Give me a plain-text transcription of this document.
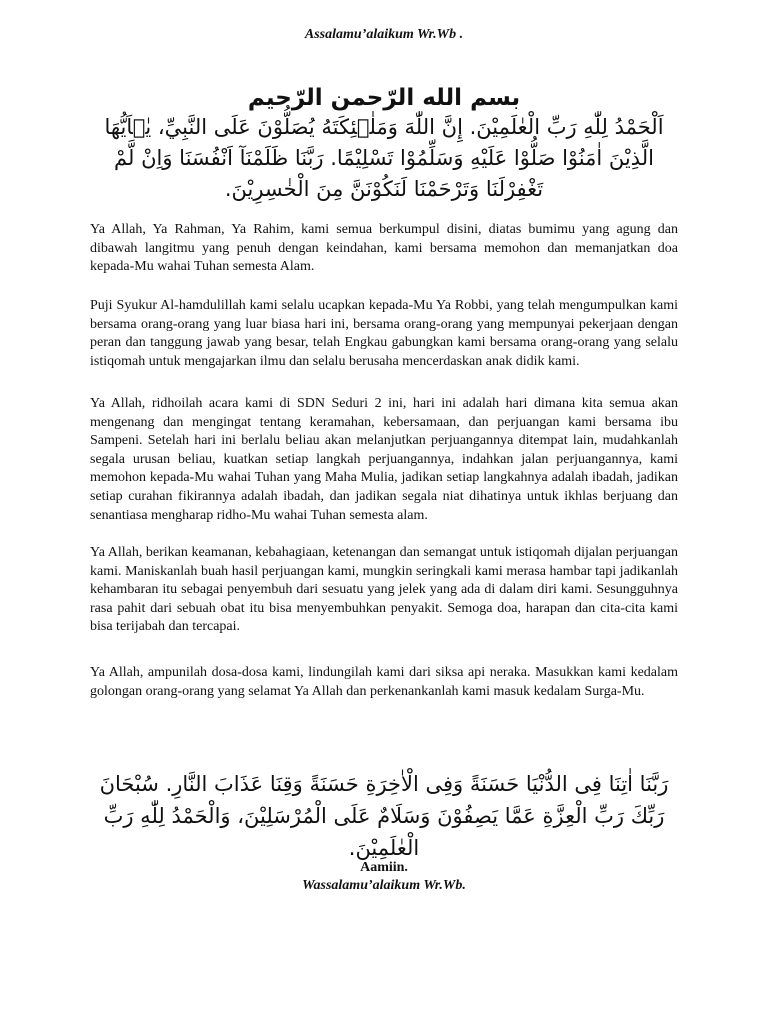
Assalamu’alaikum Wr.Wb .
بسم الله الرّحمن الرّحيم
اَلْحَمْدُ لِلّٰهِ رَبِّ الْعٰلَمِيْنَ. إِنَّ اللّٰهَ وَمَلٰۤئِكَتَهُ يُصَلُّوْنَ عَلَى النَّبِيِّ، يٰۤاَيُّهَا الَّذِيْنَ اٰمَنُوْا صَلُّوْا عَلَيْهِ وَسَلِّمُوْا تَسْلِيْمًا. رَبَّنَا ظَلَمْنَآ اَنْفُسَنَا وَاِنْ لَّمْ تَغْفِرْلَنَا وَتَرْحَمْنَا لَنَكُوْنَنَّ مِنَ الْخٰسِرِيْنَ.

Ya Allah, Ya Rahman, Ya Rahim, kami semua berkumpul disini, diatas bumimu yang agung dan dibawah langitmu yang penuh dengan keindahan, kami bersama memohon dan memanjatkan doa kepada-Mu wahai Tuhan semesta Alam.

Puji Syukur Al-hamdulillah kami selalu ucapkan kepada-Mu Ya Robbi, yang telah mengumpulkan kami bersama orang-orang yang luar biasa hari ini, bersama orang-orang yang mempunyai pekerjaan dengan peran dan tanggung jawab yang besar, telah Engkau gabungkan kami bersama orang-orang yang selalu istiqomah untuk mengajarkan ilmu dan selalu berusaha mencerdaskan anak didik kami.

Ya Allah, ridhoilah acara kami di SDN Seduri 2 ini, hari ini adalah hari dimana kita semua akan mengenang dan mengingat tentang keramahan, kebersamaan, dan perjuangan kami bersama ibu Sampeni. Setelah hari ini berlalu beliau akan melanjutkan perjuangannya ditempat lain, mudahkanlah segala urusan beliau, kuatkan setiap langkah perjuangannya, indahkan jalan perjuangannya, kami memohon kepada-Mu wahai Tuhan yang Maha Mulia, jadikan setiap langkahnya adalah ibadah, jadikan setiap curahan fikirannya adalah ibadah, dan jadikan segala niat dihatinya untuk ikhlas berjuang dan senantiasa mengharap ridho-Mu wahai Tuhan semesta alam.

Ya Allah, berikan keamanan, kebahagiaan, ketenangan dan semangat untuk istiqomah dijalan perjuangan kami. Maniskanlah buah hasil perjuangan kami, mungkin seringkali kami merasa hambar tapi jadikanlah kehambaran itu sebagai penyembuh dari sesuatu yang jelek yang ada di dalam diri kami. Sesungguhnya rasa pahit dari sebuah obat itu bisa menyembuhkan penyakit. Semoga doa, harapan dan cita-cita kami bisa terijabah dan tercapai.

Ya Allah, ampunilah dosa-dosa kami, lindungilah kami dari siksa api neraka. Masukkan kami kedalam golongan orang-orang yang selamat Ya Allah dan perkenankanlah kami masuk kedalam Surga-Mu.

رَبَّنَا اٰتِنَا فِى الدُّنْيَا حَسَنَةً وَفِى الْاٰخِرَةِ حَسَنَةً وَقِنَا عَذَابَ النَّارِ. سُبْحَانَ رَبِّكَ رَبِّ الْعِزَّةِ عَمَّا يَصِفُوْنَ وَسَلَامٌ عَلَى الْمُرْسَلِيْنَ، وَالْحَمْدُ لِلّٰهِ رَبِّ الْعٰلَمِيْنَ.
Aamiin.
Wassalamu’alaikum Wr.Wb.
